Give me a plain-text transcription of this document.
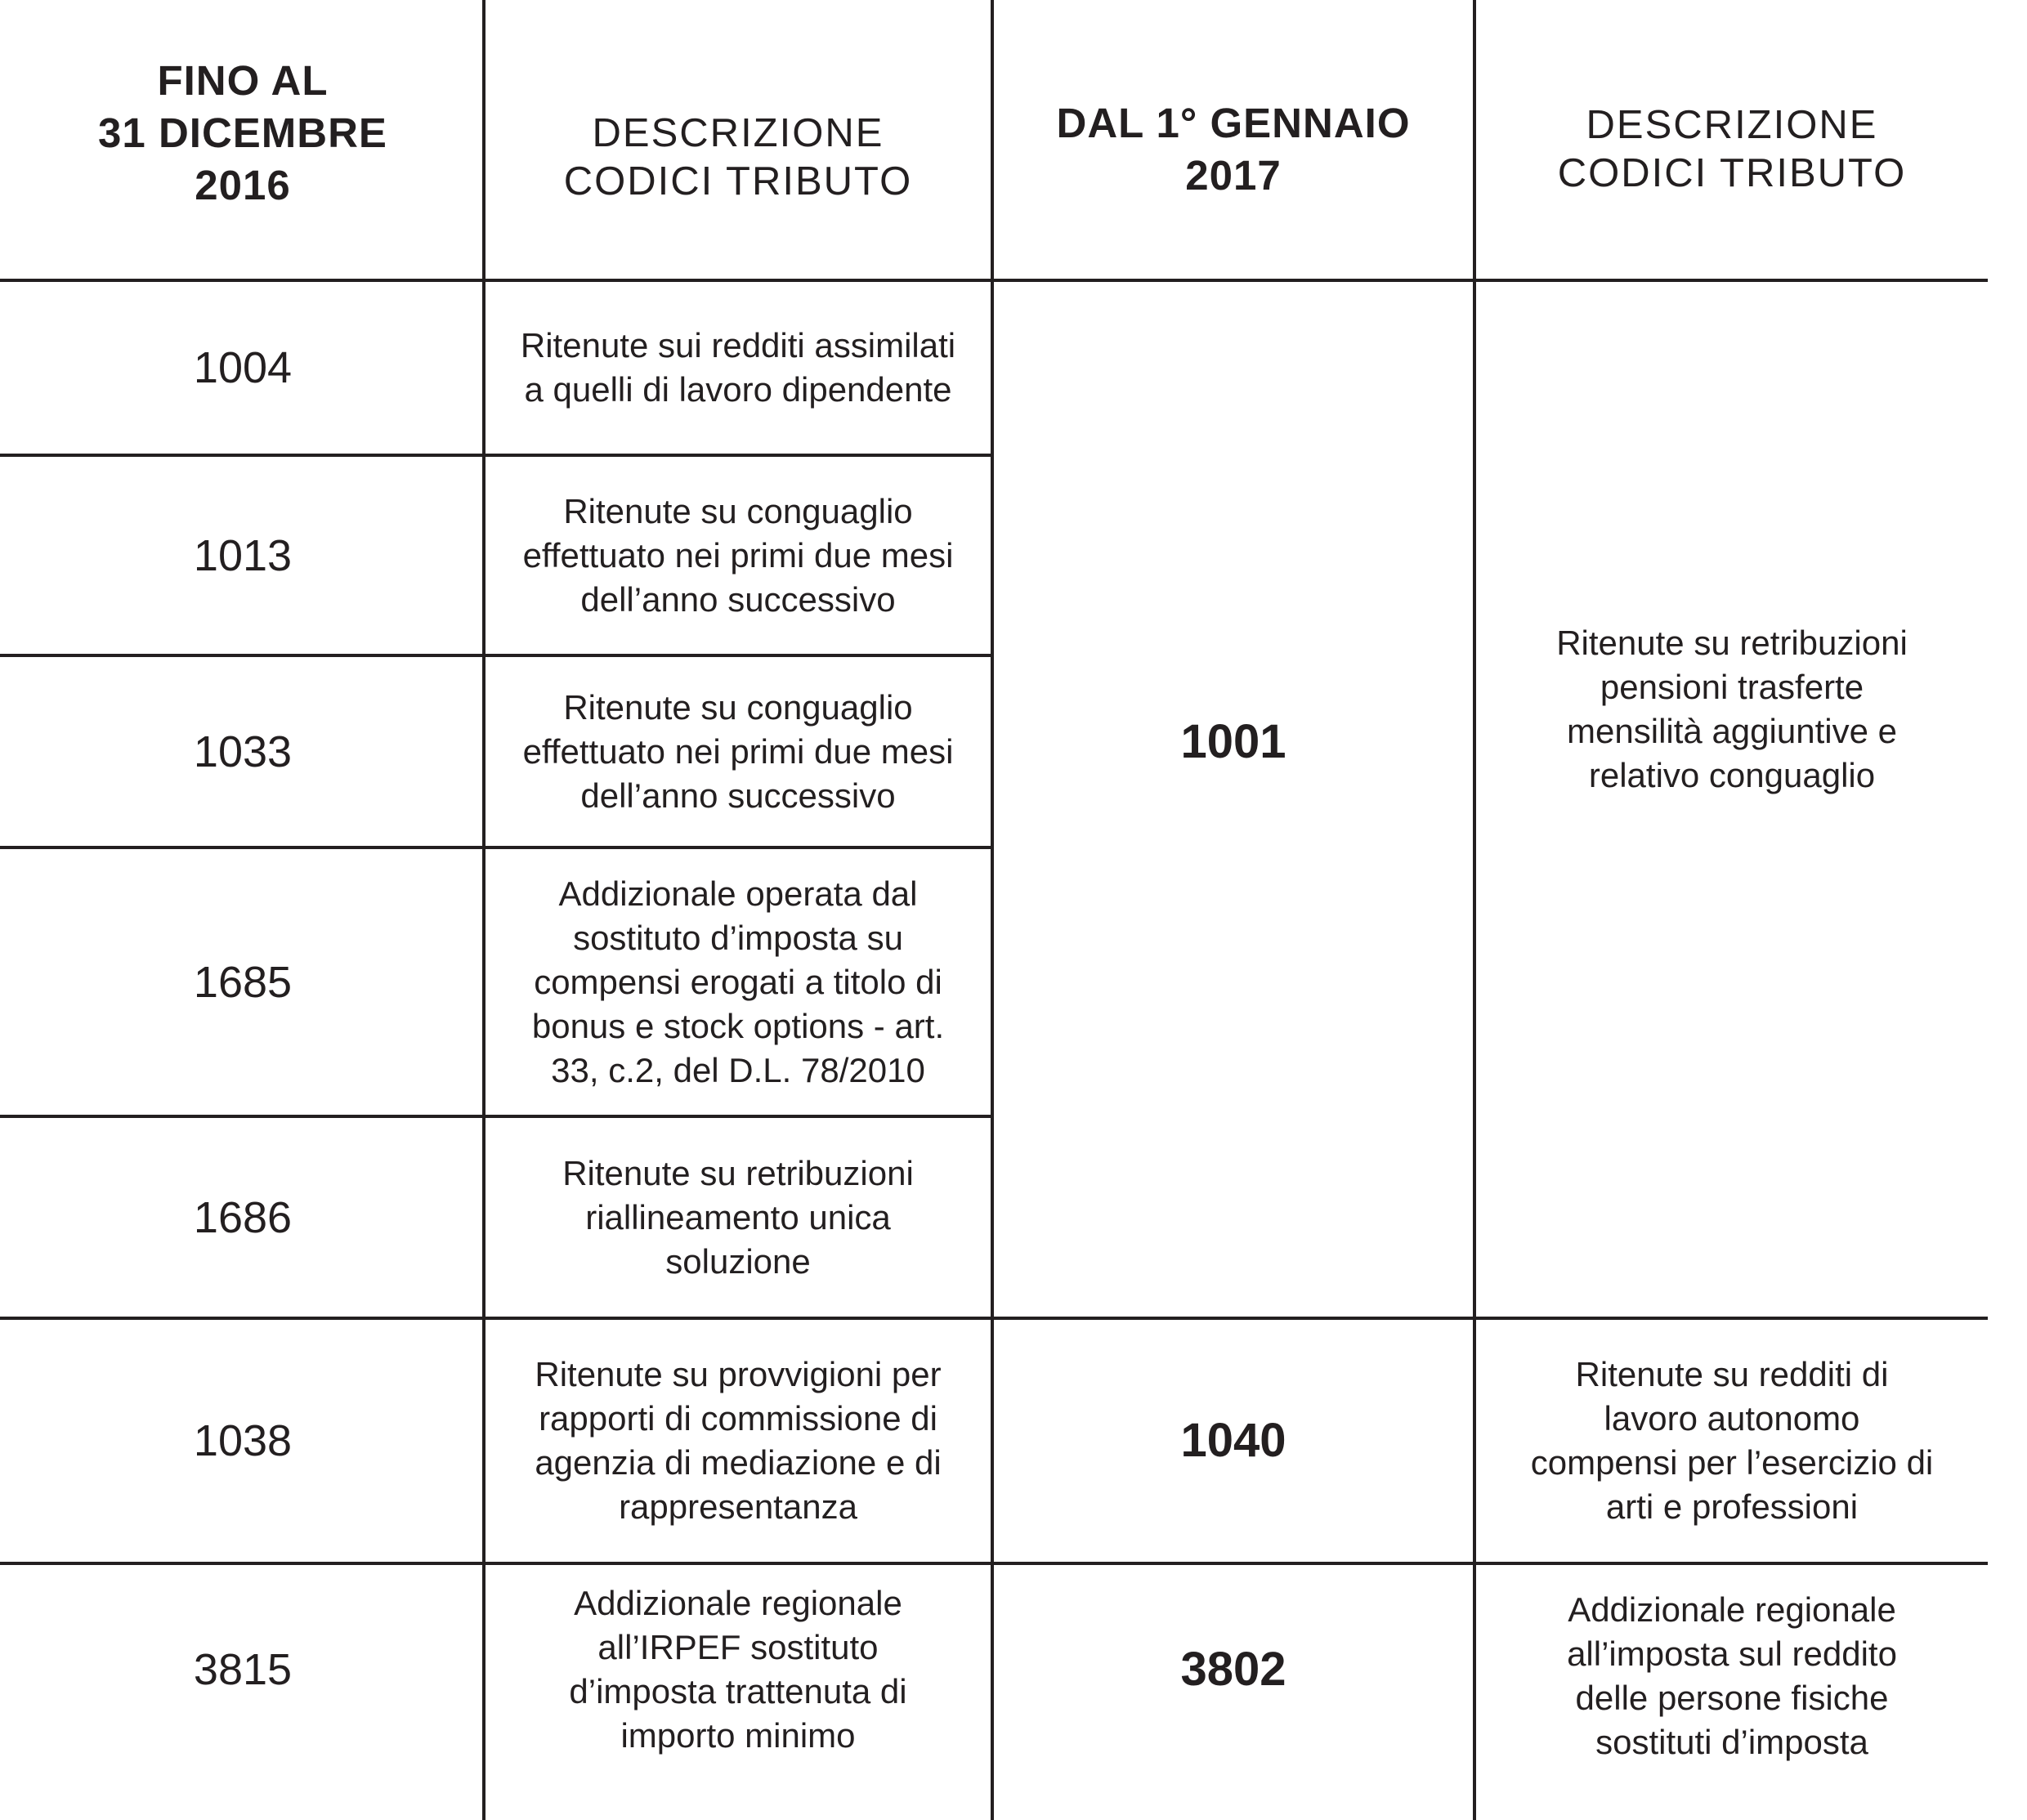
FINO AL
31 DICEMBRE
2016
DESCRIZIONE
CODICI TRIBUTO
DAL 1° GENNAIO
2017
DESCRIZIONE
CODICI TRIBUTO
1004
1013
1033
1685
1686
1038
3815
Ritenute sui redditi assimilati
a quelli di lavoro dipendente
Ritenute su conguaglio
effettuato nei primi due mesi
dell’anno successivo
Ritenute su conguaglio
effettuato nei primi due mesi
dell’anno successivo
Addizionale operata dal
sostituto d’imposta su
compensi erogati a titolo di
bonus e stock options - art.
33, c.2, del D.L. 78/2010
Ritenute su retribuzioni
riallineamento unica
soluzione
Ritenute su provvigioni per
rapporti di commissione di
agenzia di mediazione e di
rappresentanza
Addizionale regionale
all’IRPEF sostituto
d’imposta trattenuta di
importo minimo
1001
1040
3802
Ritenute su retribuzioni
pensioni trasferte
mensilità aggiuntive e
relativo conguaglio
Ritenute su redditi di
lavoro autonomo
compensi per l’esercizio di
arti e professioni
Addizionale regionale
all’imposta sul reddito
delle persone fisiche
sostituti d’imposta
